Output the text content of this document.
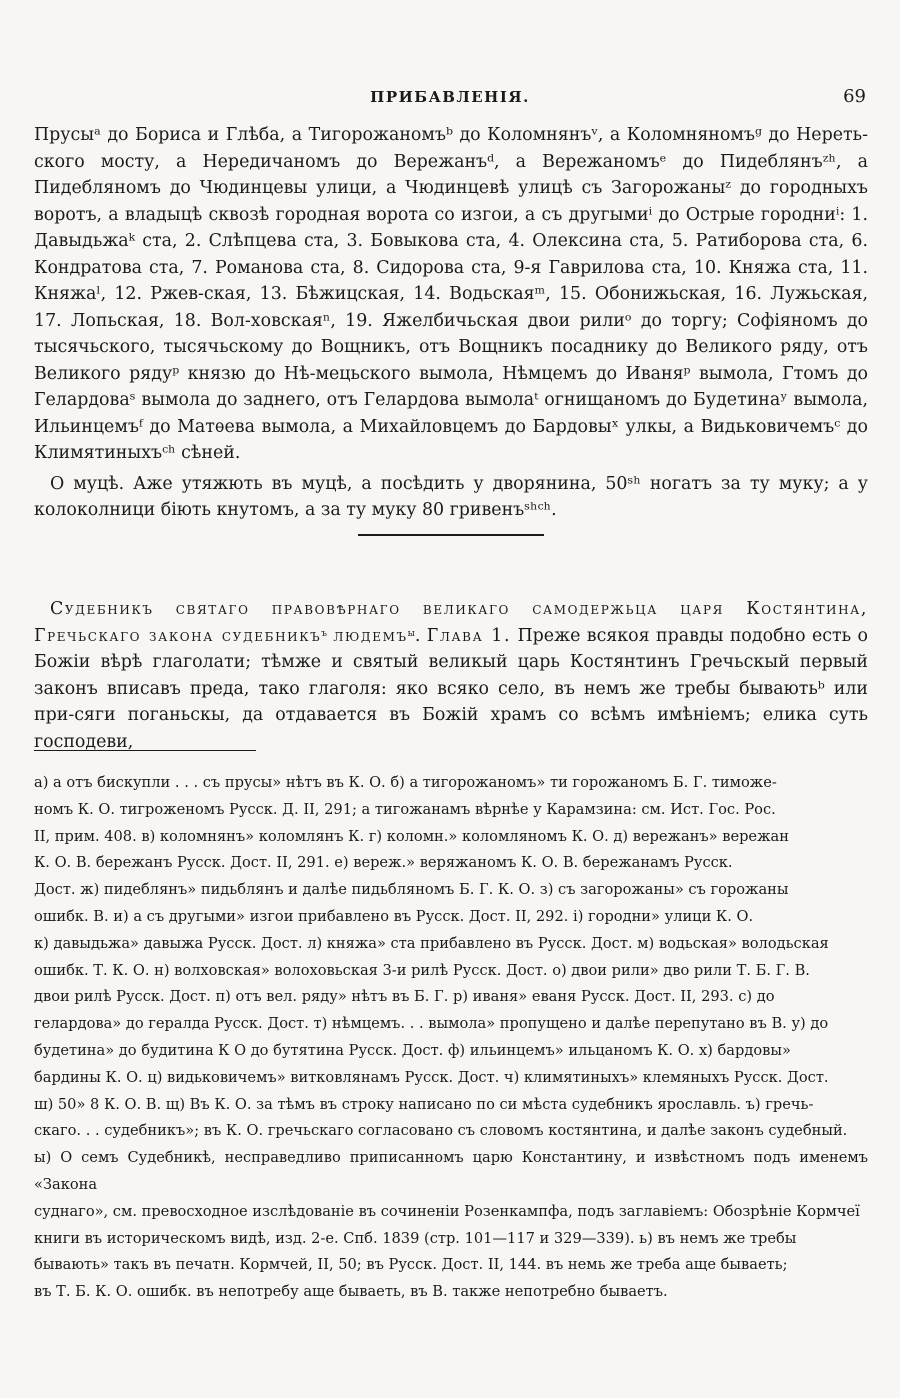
ПРИБАВЛЕНІЯ.	69

Прусыᵃ до Бориса и Глѣба, а Тигорожаномъᵇ до Коломнянъᵛ, а Коломняномъᵍ до Нереть-ского мосту, а Нередичаномъ до Вережанъᵈ, а Вережаномъᵉ до Пидеблянъᶻʰ, а Пидебляномъ до Чюдинцевы улици, а Чюдинцевѣ улицѣ съ Загорожаныᶻ до городныхъ воротъ, а владыцѣ сквозѣ городная ворота со изгои, а съ другымиⁱ до Острые городниⁱ: 1. Давыдьжаᵏ ста, 2. Слѣпцева ста, 3. Бовыкова ста, 4. Олексина ста, 5. Ратиборова ста, 6. Кондратова ста, 7. Романова ста, 8. Сидорова ста, 9-я Гаврилова ста, 10. Княжа ста, 11. Княжаˡ, 12. Ржев-ская, 13. Бѣжицская, 14. Водьскаяᵐ, 15. Обонижьская, 16. Лужьская, 17. Лопьская, 18. Вол-ховскаяⁿ, 19. Яжелбичьская двои рилиᵒ до торгу; Софіяномъ до тысячьского, тысячьскому до Вощникъ, отъ Вощникъ посаднику до Великого ряду, отъ Великого рядуᵖ князю до Нѣ-мецьского вымола, Нѣмцемъ до Иваняᵖ вымола, Гтомъ до Гелардоваˢ вымола до заднего, отъ Гелардова вымолаᵗ огнищаномъ до Будетинаʸ вымола, Ильинцемъᶠ до Матѳева вымола, а Михайловцемъ до Бардовыˣ улкы, а Видьковичемъᶜ до Климятиныхъᶜʰ сѣней.

О муцѣ. Аже утяжють въ муцѣ, а посѣдить у дворянина, 50ˢʰ ногатъ за ту муку; а у колоколници біють кнутомъ, а за ту муку 80 гривенъˢʰᶜʰ.

Судебникъ святаго правовѣрнаго великаго самодержьца царя Костянтина, Гречьскаго закона судебникъ$^ъ$ людемъ$^ы$. Глава 1. Преже всякоя правды подобно есть о Божіи вѣрѣ глаголати; тѣмже и святый великый царь Костянтинъ Гречьскый первый законъ вписавъ преда, тако глаголя: яко всяко село, въ немъ же требы бываютьᵇ или при-сяги поганьскы, да отдавается въ Божій храмъ со всѣмъ имѣніемъ; елика суть господеви,

а) а отъ бискупли . . . съ прусы» нѣтъ въ К. О. б) а тигорожаномъ» ти горожаномъ Б. Г. тиможе-

номъ К. О. тигроженомъ Русск. Д. II, 291; а тигожанамъ вѣрнѣе у Карамзина: см. Ист. Гос. Рос.

II, прим. 408. в) коломнянъ» коломлянъ К. г) коломн.» коломляномъ К. О. д) вережанъ» вережан

К. О. В. бережанъ Русск. Дост. II, 291. е) вереж.» веряжаномъ К. О. В. бережанамъ Русск.

Дост. ж) пидеблянъ» пидьблянъ и далѣе пидьбляномъ Б. Г. К. О. з) съ загорожаны» съ горожаны

ошибк. В. и) а съ другыми» изгои прибавлено въ Русск. Дост. II, 292. і) городни» улици К. О.

к) давыдьжа» давыжа Русск. Дост. л) княжа» ста прибавлено въ Русск. Дост. м) водьская» володьская

ошибк. Т. К. О. н) волховская» волоховьская 3-и рилѣ Русск. Дост. о) двои рили» дво рили Т. Б. Г. В.

двои рилѣ Русск. Дост. п) отъ вел. ряду» нѣтъ въ Б. Г. р) иваня» еваня Русск. Дост. II, 293. с) до

гелардова» до гералда Русск. Дост. т) нѣмцемъ. . . вымола» пропущено и далѣе перепутано въ В. у) до

будетина» до будитина К О до бутятина Русск. Дост. ф) ильинцемъ» ильцаномъ К. О. х) бардовы»

бардины К. О. ц) видьковичемъ» витковлянамъ Русск. Дост. ч) климятиныхъ» клемяныхъ Русск. Дост.

ш) 50» 8 К. О. В. щ) Въ К. О. за тѣмъ въ строку написано по си мѣста судебникъ ярославль. ъ) гречь-

скаго. . . судебникъ»; въ К. О. гречьскаго согласовано съ словомъ костянтина, и далѣе законъ судебный.

ы) О семъ Судебникѣ, несправедливо приписанномъ царю Константину, и извѣстномъ подъ именемъ «Закона

суднаго», см. превосходное изслѣдованіе въ сочиненіи Розенкампфа, подъ заглавіемъ: Обозрѣніе Кормчеї

книги въ историческомъ видѣ, изд. 2-е. Спб. 1839 (стр. 101—117 и 329—339). ь) въ немъ же требы

бывають» такъ въ печатн. Кормчей, II, 50; въ Русск. Дост. II, 144. въ немь же треба аще бываеть;

въ Т. Б. К. О. ошибк. въ непотребу аще бываеть, въ В. также непотребно бываетъ.
